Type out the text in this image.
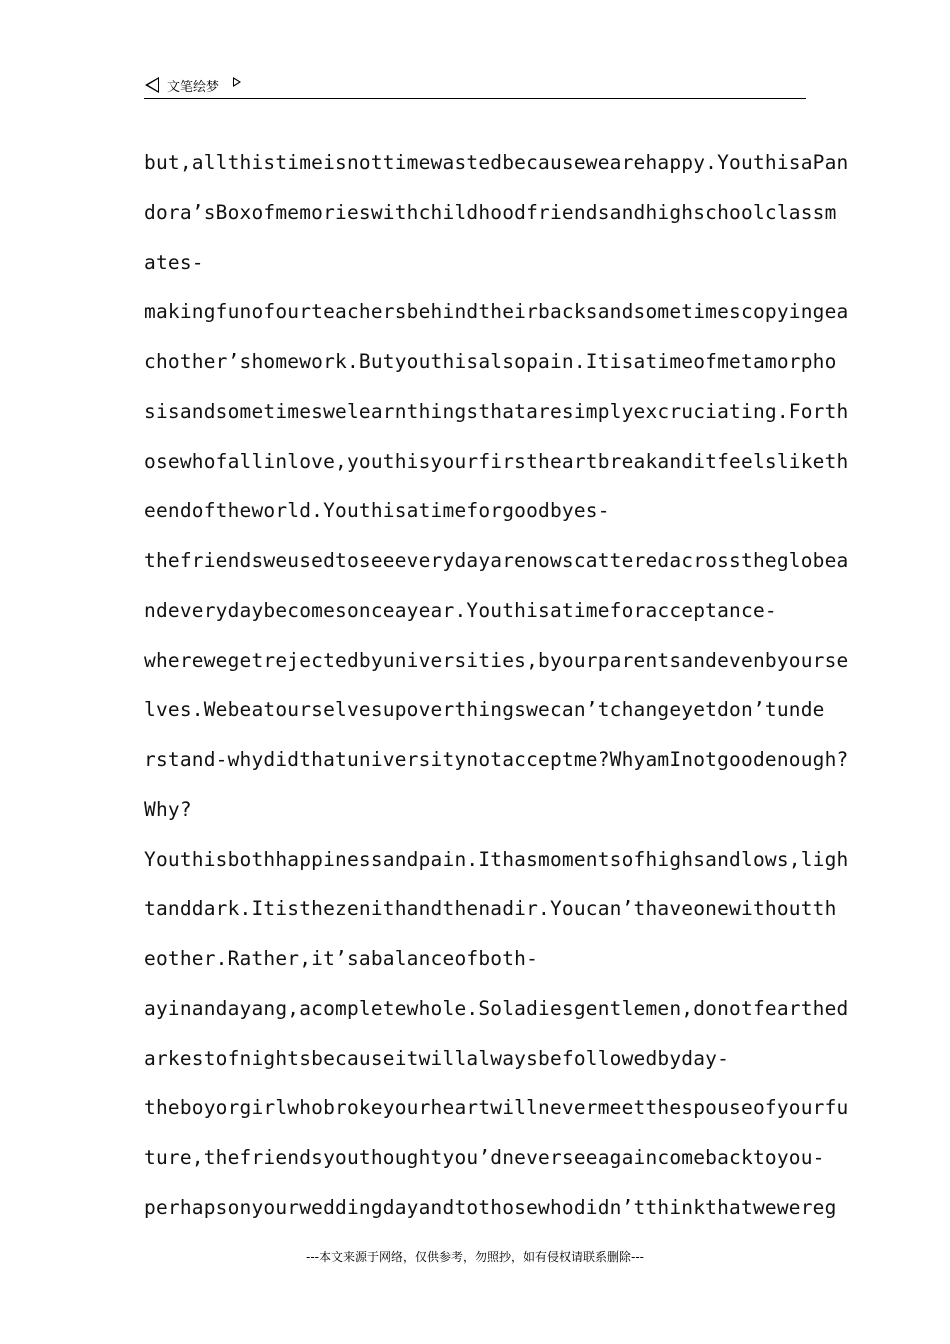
文笔绘梦
but,allthistimeisnottimewastedbecausewearehappy.YouthisaPan
dora’sBoxofmemorieswithchildhoodfriendsandhighschoolclassm
ates-
makingfunofourteachersbehindtheirbacksandsometimescopyingea
chother’shomework.Butyouthisalsopain.Itisatimeofmetamorpho
sisandsometimeswelearnthingsthataresimplyexcruciating.Forth
osewhofallinlove,youthisyourfirstheartbreakanditfeelsliketh
eendoftheworld.Youthisatimeforgoodbyes-
thefriendsweusedtoseeeverydayarenowscatteredacrosstheglobea
ndeverydaybecomesonceayear.Youthisatimeforacceptance-
wherewegetrejectedbyuniversities,byourparentsandevenbyourse
lves.Webeatourselvesupoverthingswecan’tchangeyetdon’tunde
rstand-whydidthatuniversitynotacceptme?WhyamInotgoodenough?
Why?
Youthisbothhappinessandpain.Ithasmomentsofhighsandlows,ligh
tanddark.Itisthezenithandthenadir.Youcan’thaveonewithoutth
eother.Rather,it’sabalanceofboth-
ayinandayang,acompletewhole.Soladiesgentlemen,donotfearthed
arkestofnightsbecauseitwillalwaysbefollowedbyday-
theboyorgirlwhobrokeyourheartwillnevermeetthespouseofyourfu
ture,thefriendsyouthoughtyou’dneverseeagaincomebacktoyou-
perhapsonyourweddingdayandtothosewhodidn’tthinkthatwewereg
---本文来源于网络，仅供参考，勿照抄，如有侵权请联系删除---
